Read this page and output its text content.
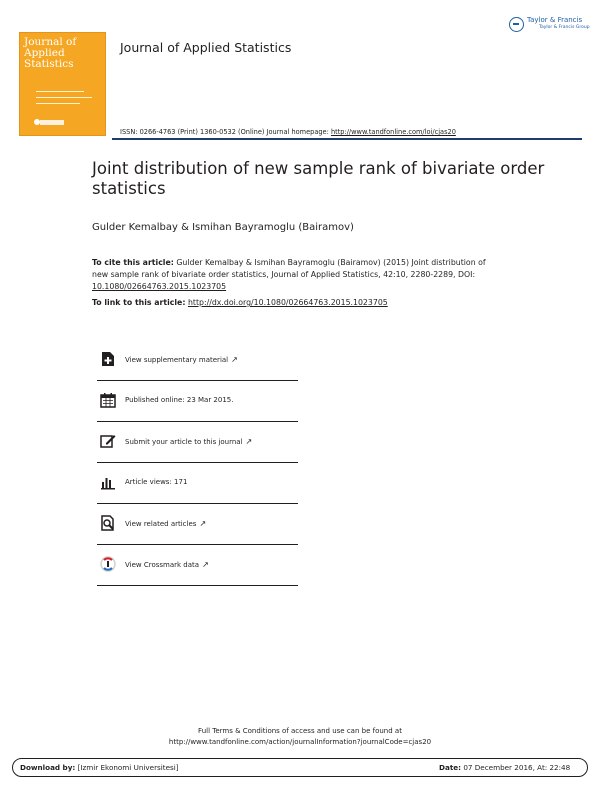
Journal of Applied Statistics
Journal of Applied Statistics
Taylor & Francis
Taylor & Francis Group
ISSN: 0266-4763 (Print) 1360-0532 (Online) Journal homepage: http://www.tandfonline.com/loi/cjas20
Joint distribution of new sample rank of bivariate order statistics
Gulder Kemalbay & Ismihan Bayramoglu (Bairamov)
To cite this article: Gulder Kemalbay & Ismihan Bayramoglu (Bairamov) (2015) Joint distribution of new sample rank of bivariate order statistics, Journal of Applied Statistics, 42:10, 2280-2289, DOI: 10.1080/02664763.2015.1023705
To link to this article: http://dx.doi.org/10.1080/02664763.2015.1023705
View supplementary material ↗
Published online: 23 Mar 2015.
Submit your article to this journal ↗
Article views: 171
View related articles ↗
View Crossmark data ↗
Full Terms & Conditions of access and use can be found at
http://www.tandfonline.com/action/journalInformation?journalCode=cjas20
Download by: [Izmir Ekonomi Universitesi]	Date: 07 December 2016, At: 22:48
